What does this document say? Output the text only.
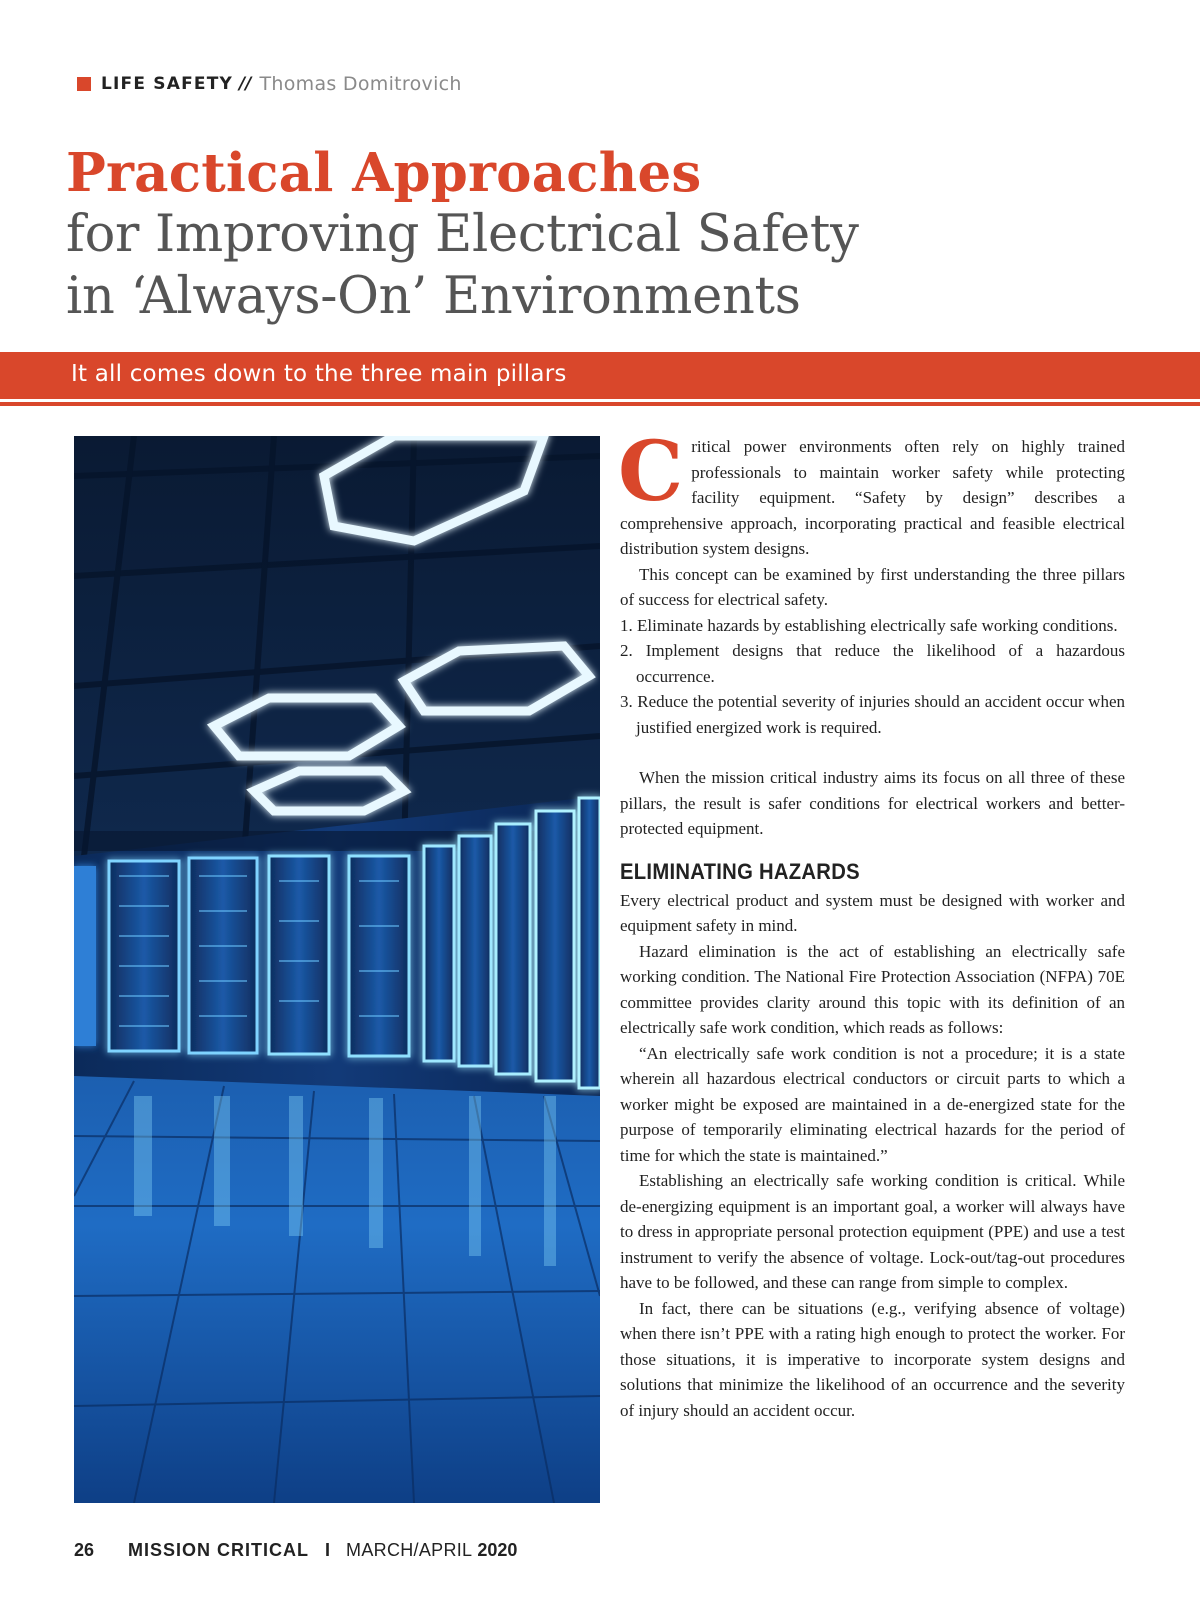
LIFE SAFETY // Thomas Domitrovich
Practical Approaches
for Improving Electrical Safety
in ‘Always-On’ Environments
It all comes down to the three main pillars

Critical power environments often rely on highly trained professionals to maintain worker safety while protecting facility equipment. “Safety by design” describes a comprehensive approach, incorporating practical and feasible electrical distribution system designs.

This concept can be examined by first understanding the three pillars of success for electrical safety.

1. Eliminate hazards by establishing electrically safe working conditions.
2. Implement designs that reduce the likelihood of a hazardous occurrence.
3. Reduce the potential severity of injuries should an accident occur when justified energized work is required.

When the mission critical industry aims its focus on all three of these pillars, the result is safer conditions for electrical workers and better-protected equipment.

ELIMINATING HAZARDS

Every electrical product and system must be designed with worker and equipment safety in mind.

Hazard elimination is the act of establishing an electrically safe working condition. The National Fire Protection Association (NFPA) 70E committee provides clarity around this topic with its definition of an electrically safe work condition, which reads as follows:

“An electrically safe work condition is not a procedure; it is a state wherein all hazardous electrical conductors or circuit parts to which a worker might be exposed are maintained in a de-energized state for the purpose of temporarily eliminating electrical hazards for the period of time for which the state is maintained.”

Establishing an electrically safe working condition is critical. While de-energizing equipment is an important goal, a worker will always have to dress in appropriate personal protection equipment (PPE) and use a test instrument to verify the absence of voltage. Lock-out/tag-out procedures have to be followed, and these can range from simple to complex.

In fact, there can be situations (e.g., verifying absence of voltage) when there isn’t PPE with a rating high enough to protect the worker. For those situations, it is imperative to incorporate system designs and solutions that minimize the likelihood of an occurrence and the severity of injury should an accident occur.

26 MISSION CRITICAL I MARCH/APRIL 2020
